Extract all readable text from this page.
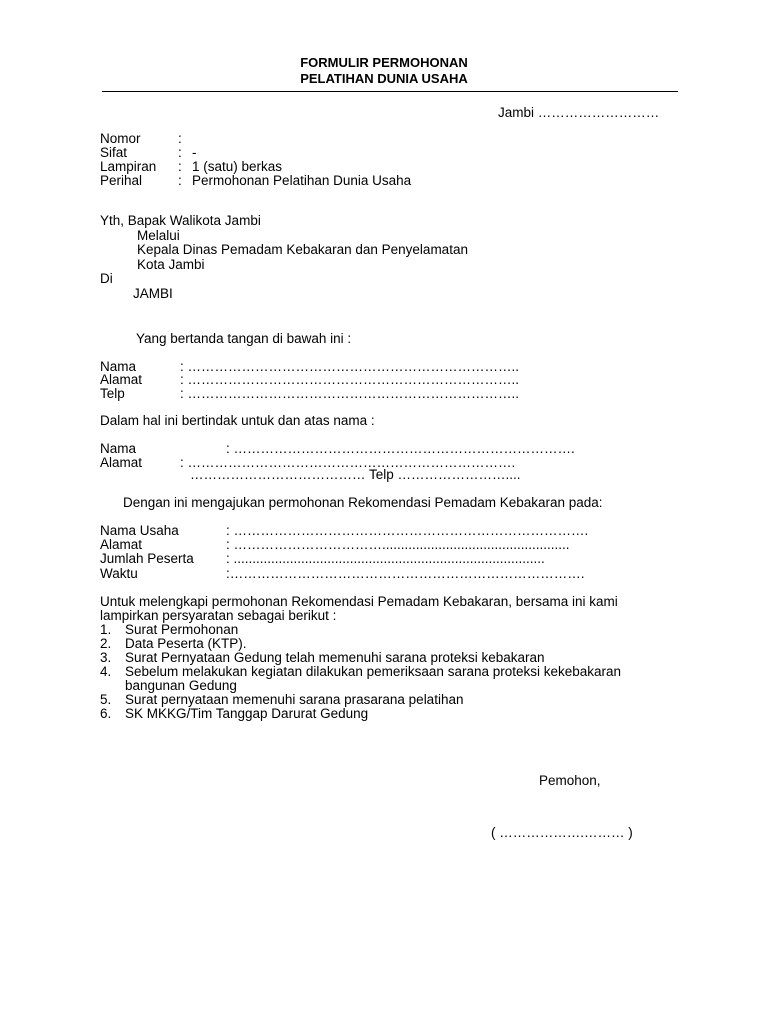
FORMULIR PERMOHONAN
PELATIHAN DUNIA USAHA
Jambi ………………………
Nomor	:
Sifat	: -
Lampiran : 1 (satu) berkas
Perihal	: Permohonan Pelatihan Dunia Usaha
Yth, Bapak Walikota Jambi
Melalui
Kepala Dinas Pemadam Kebakaran dan Penyelamatan
Kota Jambi
Di
JAMBI
Yang bertanda tangan di bawah ini :
Nama	: ………………………………………………………………..
Alamat	: ………………………………………………………………..
Telp	: ………………………………………………………………..
Dalam hal ini bertindak untuk dan atas nama :
Nama	: ………………………………………………………………….
Alamat	: ……………………………………………………………….
………………………………… Telp ……………………....
Dengan ini mengajukan permohonan Rekomendasi Pemadam Kebakaran pada:
Nama Usaha	: …………………………………………………………………….
Alamat	: ……………………………..................................................
Jumlah Peserta : ...................................................................................
Waktu	:…………………………………………………………………….
Untuk melengkapi permohonan Rekomendasi Pemadam Kebakaran, bersama ini kami
lampirkan persyaratan sebagai berikut :
1. Surat Permohonan
2. Data Peserta (KTP).
3. Surat Pernyataan Gedung telah memenuhi sarana proteksi kebakaran
4. Sebelum melakukan kegiatan dilakukan pemeriksaan sarana proteksi kekebakaran
bangunan Gedung
5. Surat pernyataan memenuhi sarana prasarana pelatihan
6. SK MKKG/Tim Tanggap Darurat Gedung
Pemohon,
( ……………….……… )
